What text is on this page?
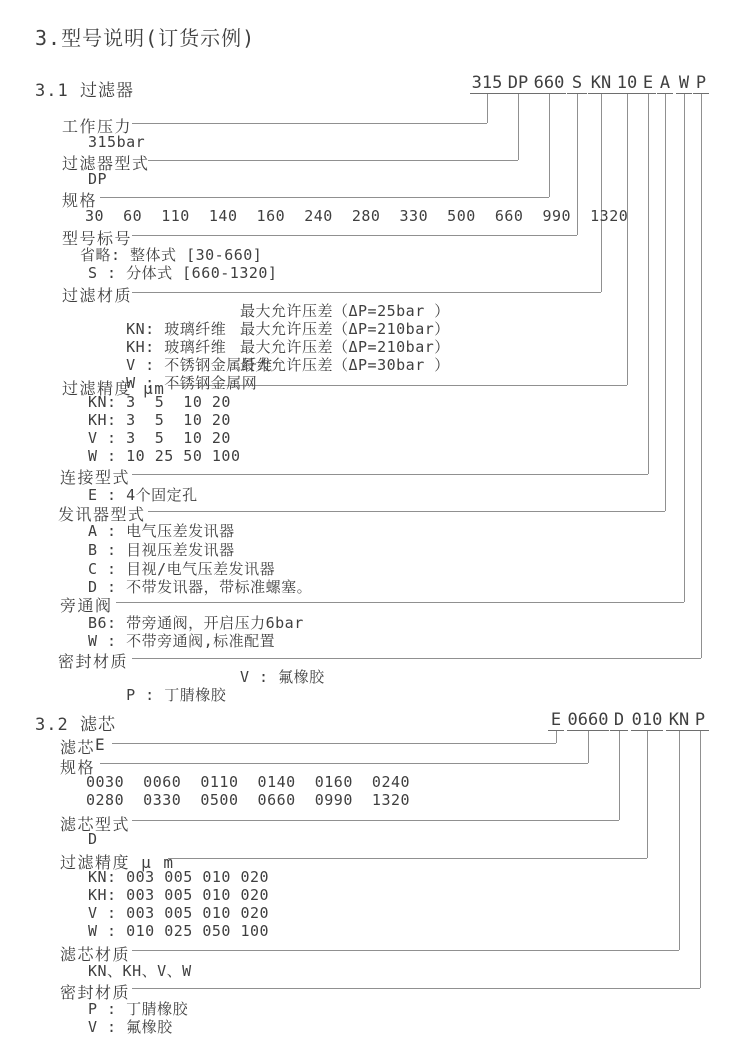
3.型号说明(订货示例)
3.1 过滤器	315 DP 660 S KN 10 E A W P
工作压力
315bar
过滤器型式
DP
规格
30  60  110  140  160  240  280  330  500  660  990  1320
型号标号
省略: 整体式 [30-660]
S : 分体式 [660-1320]
过滤材质

KN: 玻璃纤维

最大允许压差（ΔP=25bar ）

KH: 玻璃纤维

最大允许压差（ΔP=210bar）

V : 不锈钢金属纤维

最大允许压差（ΔP=210bar）

W : 不锈钢金属网

最大允许压差（ΔP=30bar ）

过滤精度 μm
KN: 3  5  10 20
KH: 3  5  10 20
V : 3  5  10 20
W : 10 25 50 100
连接型式
E : 4个固定孔
发讯器型式
A : 电气压差发讯器
B : 目视压差发讯器
C : 目视/电气压差发讯器
D : 不带发讯器，带标准螺塞。
旁通阀
B6: 带旁通阀，开启压力6bar
W : 不带旁通阀,标准配置
密封材质

P : 丁腈橡胶

V : 氟橡胶

3.2 滤芯	E 0660 D 010 KN P
滤芯 E
规格
0030  0060  0110  0140  0160  0240
0280  0330  0500  0660  0990  1320
滤芯型式
D
过滤精度 μ m
KN: 003 005 010 020
KH: 003 005 010 020
V : 003 005 010 020
W : 010 025 050 100
滤芯材质
KN、KH、V、W
密封材质
P : 丁腈橡胶
V : 氟橡胶
